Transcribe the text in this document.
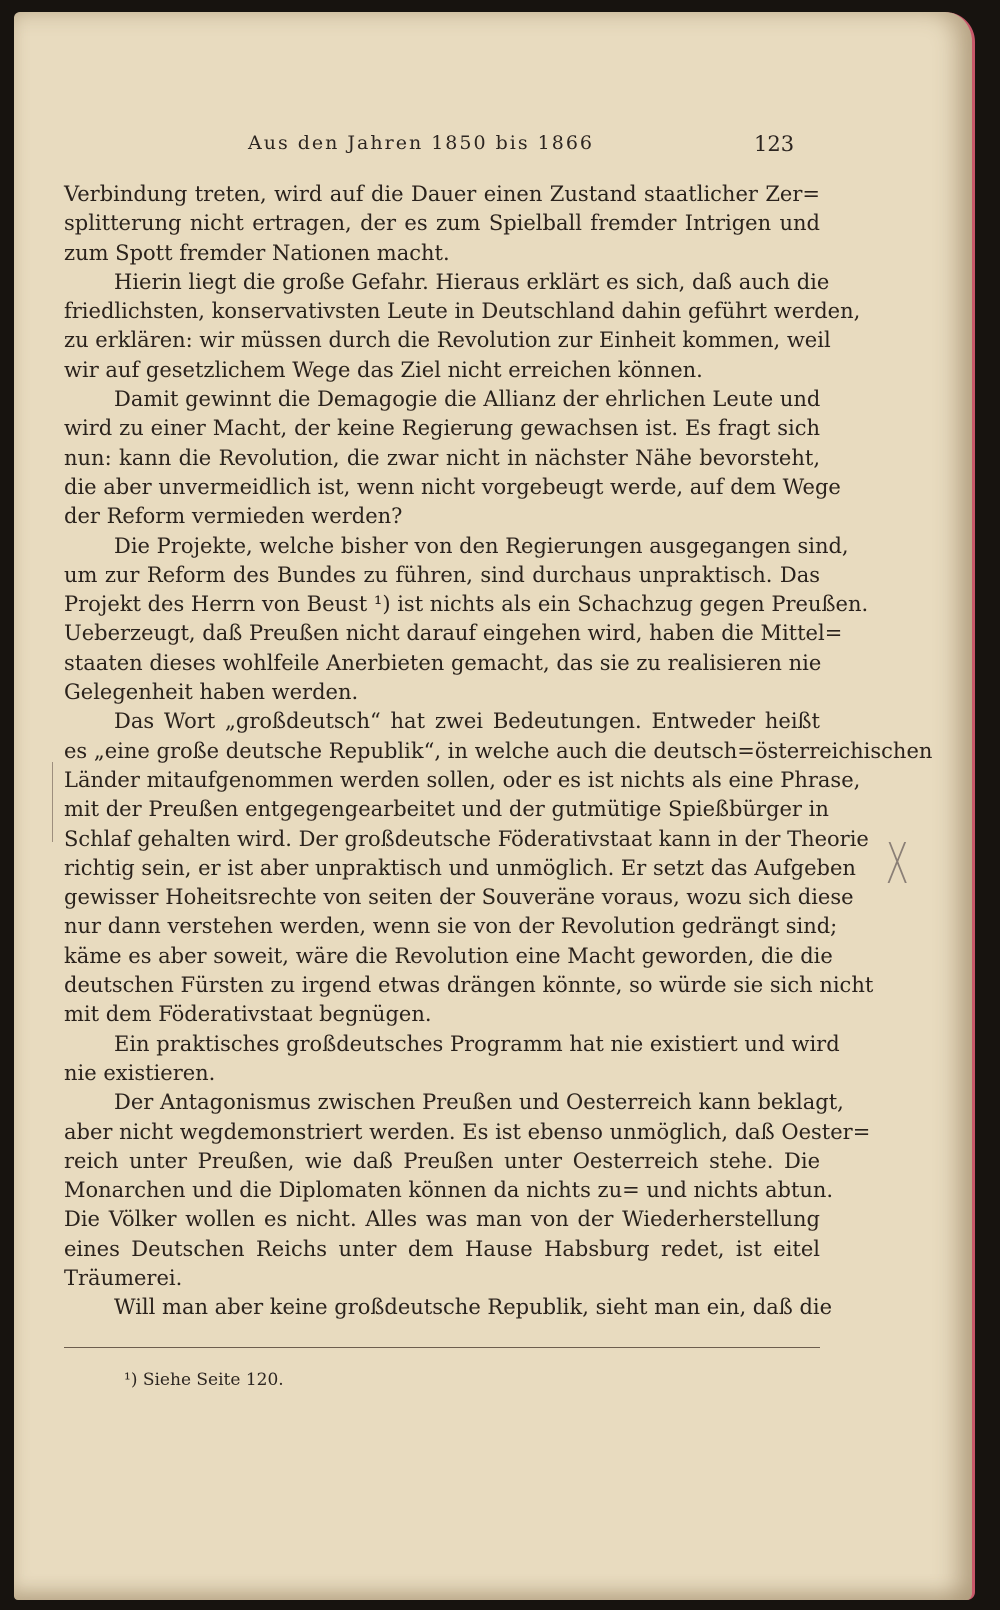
Aus den Jahren 1850 bis 1866	123
Verbindung treten, wird auf die Dauer einen Zustand staatlicher Zer=
splitterung nicht ertragen, der es zum Spielball fremder Intrigen und
zum Spott fremder Nationen macht.
Hierin liegt die große Gefahr. Hieraus erklärt es sich, daß auch die
friedlichsten, konservativsten Leute in Deutschland dahin geführt werden,
zu erklären: wir müssen durch die Revolution zur Einheit kommen, weil
wir auf gesetzlichem Wege das Ziel nicht erreichen können.
Damit gewinnt die Demagogie die Allianz der ehrlichen Leute und
wird zu einer Macht, der keine Regierung gewachsen ist. Es fragt sich
nun: kann die Revolution, die zwar nicht in nächster Nähe bevorsteht,
die aber unvermeidlich ist, wenn nicht vorgebeugt werde, auf dem Wege
der Reform vermieden werden?
Die Projekte, welche bisher von den Regierungen ausgegangen sind,
um zur Reform des Bundes zu führen, sind durchaus unpraktisch. Das
Projekt des Herrn von Beust ¹) ist nichts als ein Schachzug gegen Preußen.
Ueberzeugt, daß Preußen nicht darauf eingehen wird, haben die Mittel=
staaten dieses wohlfeile Anerbieten gemacht, das sie zu realisieren nie
Gelegenheit haben werden.
Das Wort „großdeutsch“ hat zwei Bedeutungen. Entweder heißt
es „eine große deutsche Republik“, in welche auch die deutsch=österreichischen
Länder mitaufgenommen werden sollen, oder es ist nichts als eine Phrase,
mit der Preußen entgegengearbeitet und der gutmütige Spießbürger in
Schlaf gehalten wird. Der großdeutsche Föderativstaat kann in der Theorie
richtig sein, er ist aber unpraktisch und unmöglich. Er setzt das Aufgeben
gewisser Hoheitsrechte von seiten der Souveräne voraus, wozu sich diese
nur dann verstehen werden, wenn sie von der Revolution gedrängt sind;
käme es aber soweit, wäre die Revolution eine Macht geworden, die die
deutschen Fürsten zu irgend etwas drängen könnte, so würde sie sich nicht
mit dem Föderativstaat begnügen.
Ein praktisches großdeutsches Programm hat nie existiert und wird
nie existieren.
Der Antagonismus zwischen Preußen und Oesterreich kann beklagt,
aber nicht wegdemonstriert werden. Es ist ebenso unmöglich, daß Oester=
reich unter Preußen, wie daß Preußen unter Oesterreich stehe. Die
Monarchen und die Diplomaten können da nichts zu= und nichts abtun.
Die Völker wollen es nicht. Alles was man von der Wiederherstellung
eines Deutschen Reichs unter dem Hause Habsburg redet, ist eitel
Träumerei.
Will man aber keine großdeutsche Republik, sieht man ein, daß die
¹) Siehe Seite 120.
X
